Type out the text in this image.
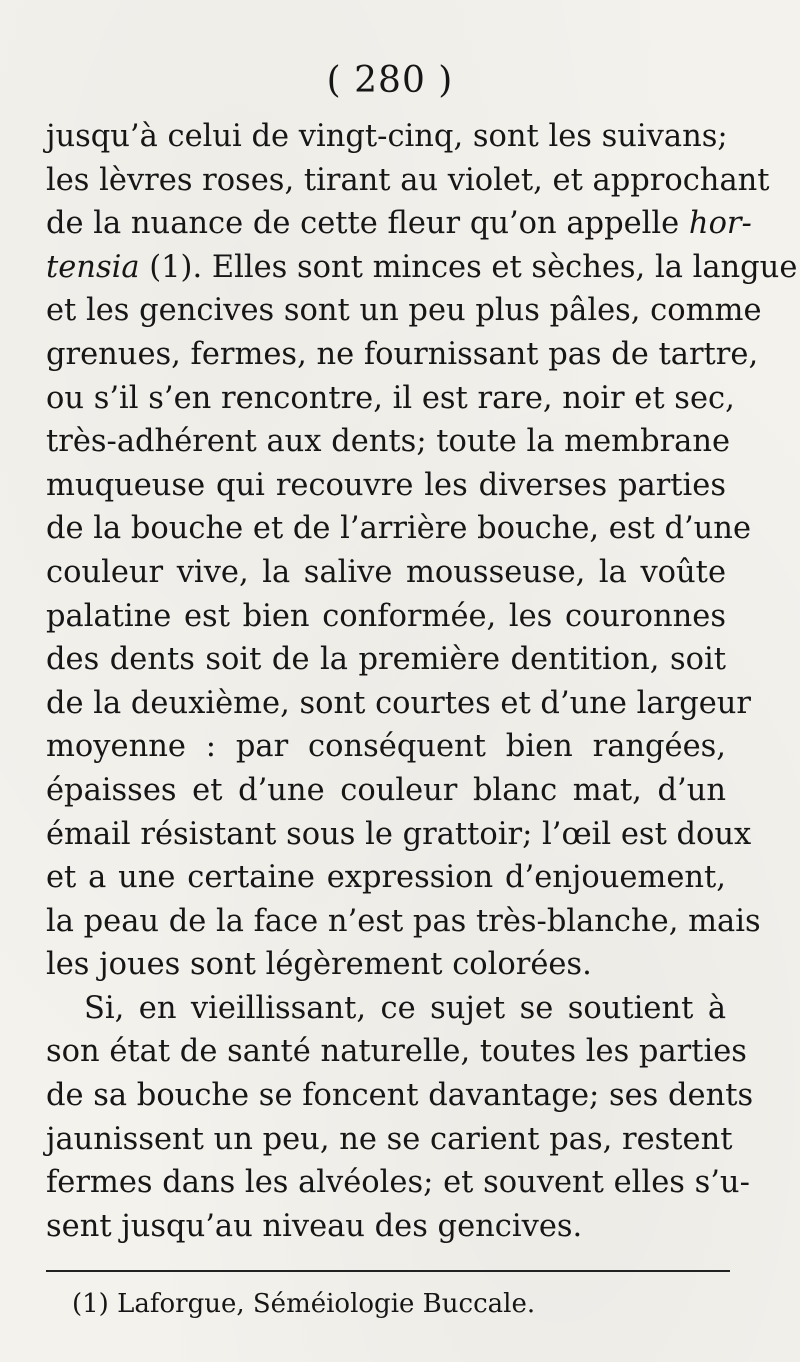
( 280 )
jusqu’à celui de vingt-cinq, sont les suivans;
les lèvres roses, tirant au violet, et approchant
de la nuance de cette fleur qu’on appelle hor-
tensia (1). Elles sont minces et sèches, la langue
et les gencives sont un peu plus pâles, comme
grenues, fermes, ne fournissant pas de tartre,
ou s’il s’en rencontre, il est rare, noir et sec,
très-adhérent aux dents; toute la membrane
muqueuse qui recouvre les diverses parties
de la bouche et de l’arrière bouche, est d’une
couleur vive, la salive mousseuse, la voûte
palatine est bien conformée, les couronnes
des dents soit de la première dentition, soit
de la deuxième, sont courtes et d’une largeur
moyenne : par conséquent bien rangées,
épaisses et d’une couleur blanc mat, d’un
émail résistant sous le grattoir; l’œil est doux
et a une certaine expression d’enjouement,
la peau de la face n’est pas très-blanche, mais
les joues sont légèrement colorées.
Si, en vieillissant, ce sujet se soutient à
son état de santé naturelle, toutes les parties
de sa bouche se foncent davantage; ses dents
jaunissent un peu, ne se carient pas, restent
fermes dans les alvéoles; et souvent elles s’u-
sent jusqu’au niveau des gencives.
(1) Laforgue, Séméiologie Buccale.
